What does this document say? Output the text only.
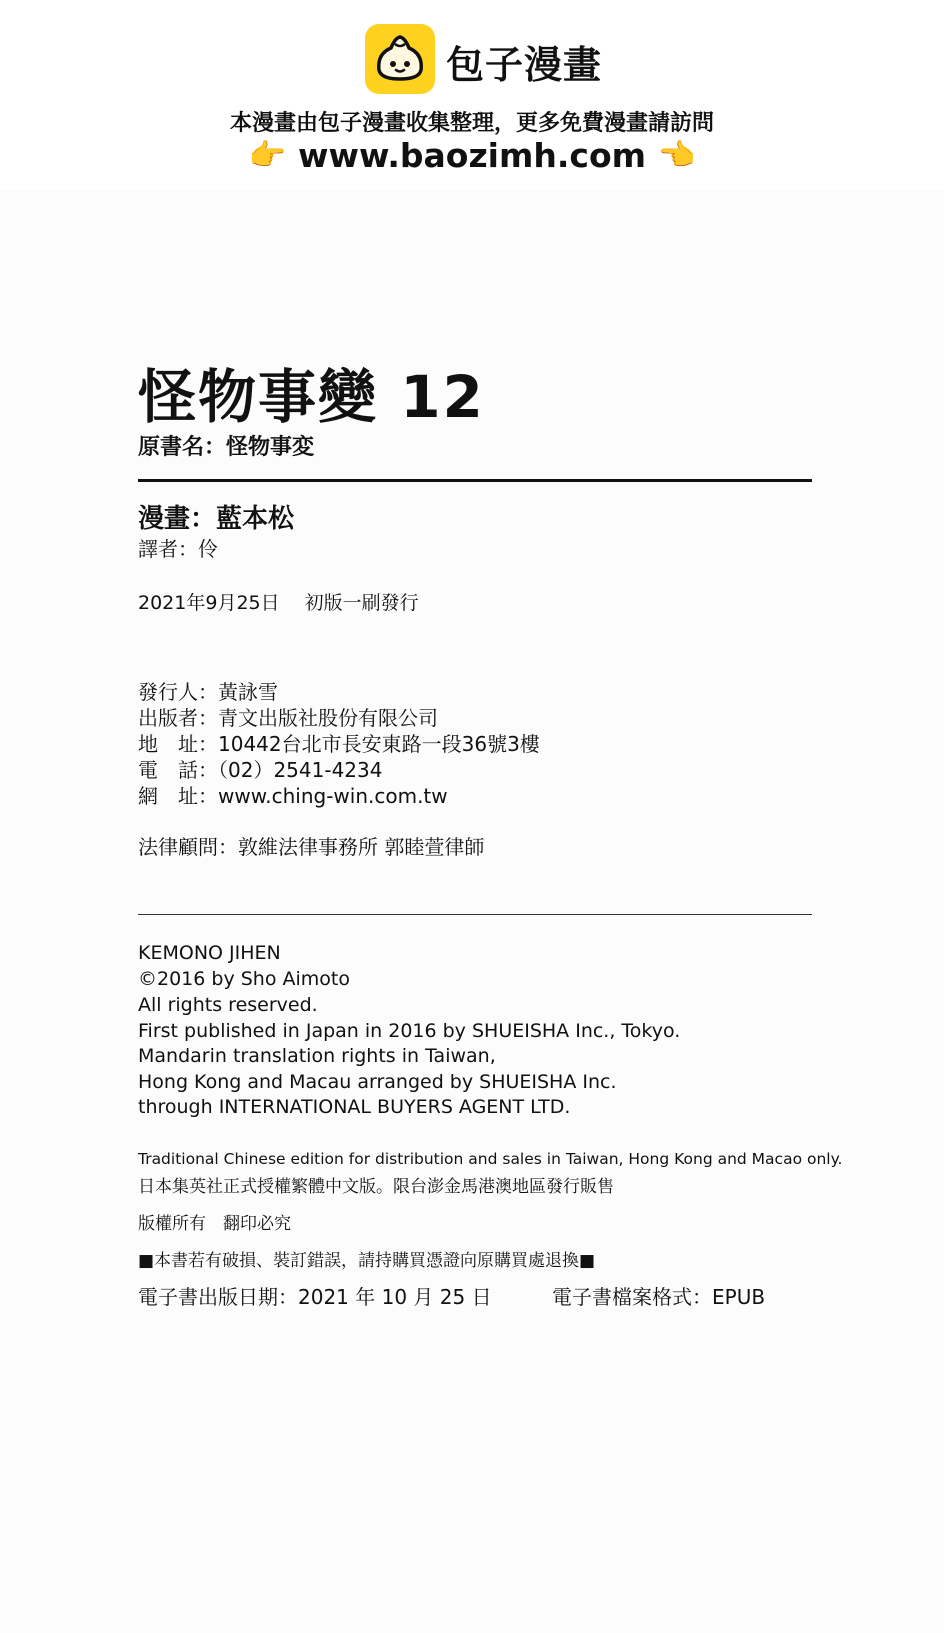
包子漫畫
本漫畫由包子漫畫收集整理，更多免費漫畫請訪問
👉 www.baozimh.com 👈
怪物事變 12
原書名：怪物事変
漫畫：藍本松
譯者：伶
2021年9月25日　 初版一刷發行
發行人：黃詠雪
出版者：青文出版社股份有限公司
地　址：10442台北市長安東路一段36號3樓
電　話：（02）2541-4234
網　址：www.ching-win.com.tw
法律顧問：敦維法律事務所 郭睦萱律師
KEMONO JIHEN
©2016 by Sho Aimoto
All rights reserved.
First published in Japan in 2016 by SHUEISHA Inc., Tokyo.
Mandarin translation rights in Taiwan,
Hong Kong and Macau arranged by SHUEISHA Inc.
through INTERNATIONAL BUYERS AGENT LTD.
Traditional Chinese edition for distribution and sales in Taiwan, Hong Kong and Macao only.
日本集英社正式授權繁體中文版。限台澎金馬港澳地區發行販售
版權所有　翻印必究
■本書若有破損、裝訂錯誤，請持購買憑證向原購買處退換■
電子書出版日期：2021 年 10 月 25 日	電子書檔案格式：EPUB
